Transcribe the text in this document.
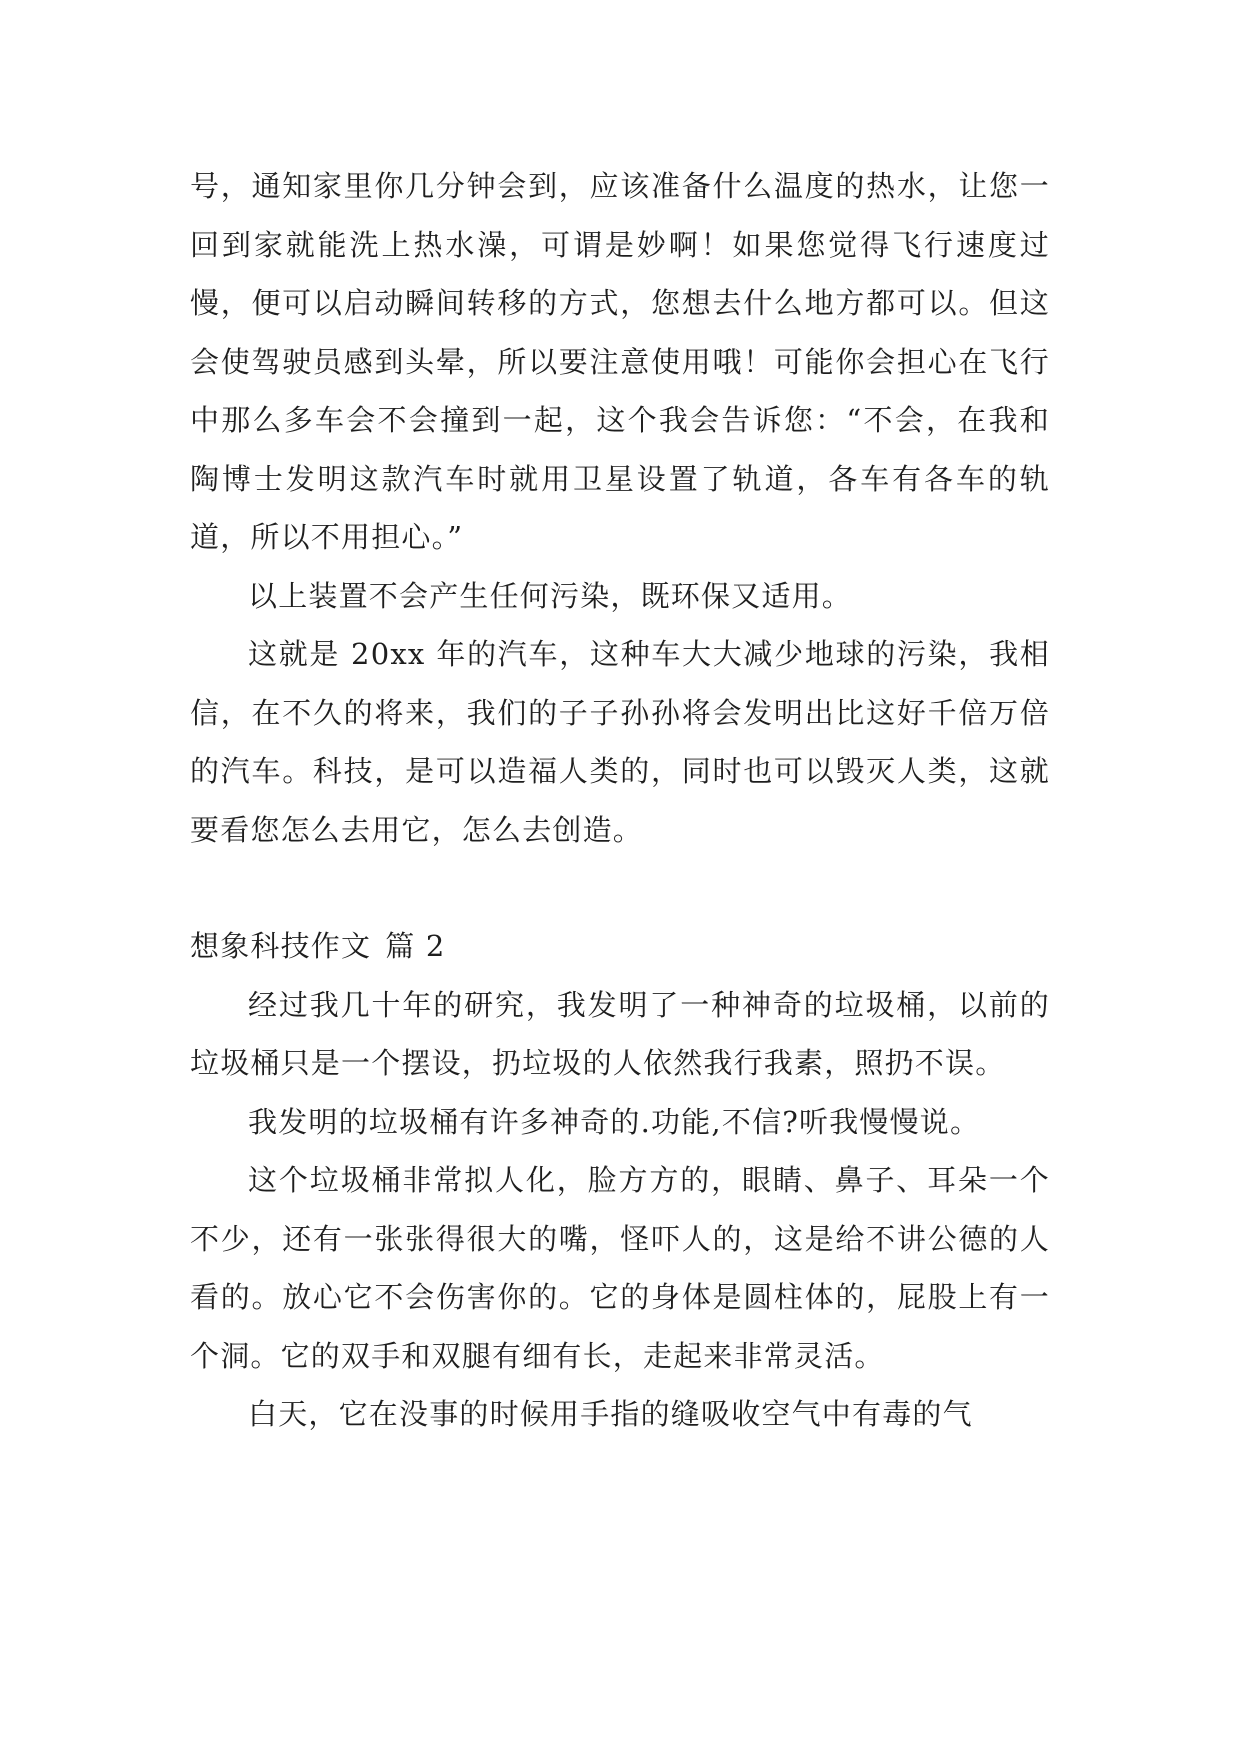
号，通知家里你几分钟会到，应该准备什么温度的热水，让您一回到家就能洗上热水澡，可谓是妙啊！如果您觉得飞行速度过慢，便可以启动瞬间转移的方式，您想去什么地方都可以。但这会使驾驶员感到头晕，所以要注意使用哦！可能你会担心在飞行中那么多车会不会撞到一起，这个我会告诉您：“不会，在我和陶博士发明这款汽车时就用卫星设置了轨道，各车有各车的轨道，所以不用担心。”

以上装置不会产生任何污染，既环保又适用。

这就是 20xx 年的汽车，这种车大大减少地球的污染，我相信，在不久的将来，我们的子子孙孙将会发明出比这好千倍万倍的汽车。科技，是可以造福人类的，同时也可以毁灭人类，这就要看您怎么去用它，怎么去创造。

想象科技作文 篇 2

经过我几十年的研究，我发明了一种神奇的垃圾桶，以前的垃圾桶只是一个摆设，扔垃圾的人依然我行我素，照扔不误。

我发明的垃圾桶有许多神奇的.功能,不信?听我慢慢说。

这个垃圾桶非常拟人化，脸方方的，眼睛、鼻子、耳朵一个不少，还有一张张得很大的嘴，怪吓人的，这是给不讲公德的人看的。放心它不会伤害你的。它的身体是圆柱体的，屁股上有一个洞。它的双手和双腿有细有长，走起来非常灵活。

白天，它在没事的时候用手指的缝吸收空气中有毒的气
